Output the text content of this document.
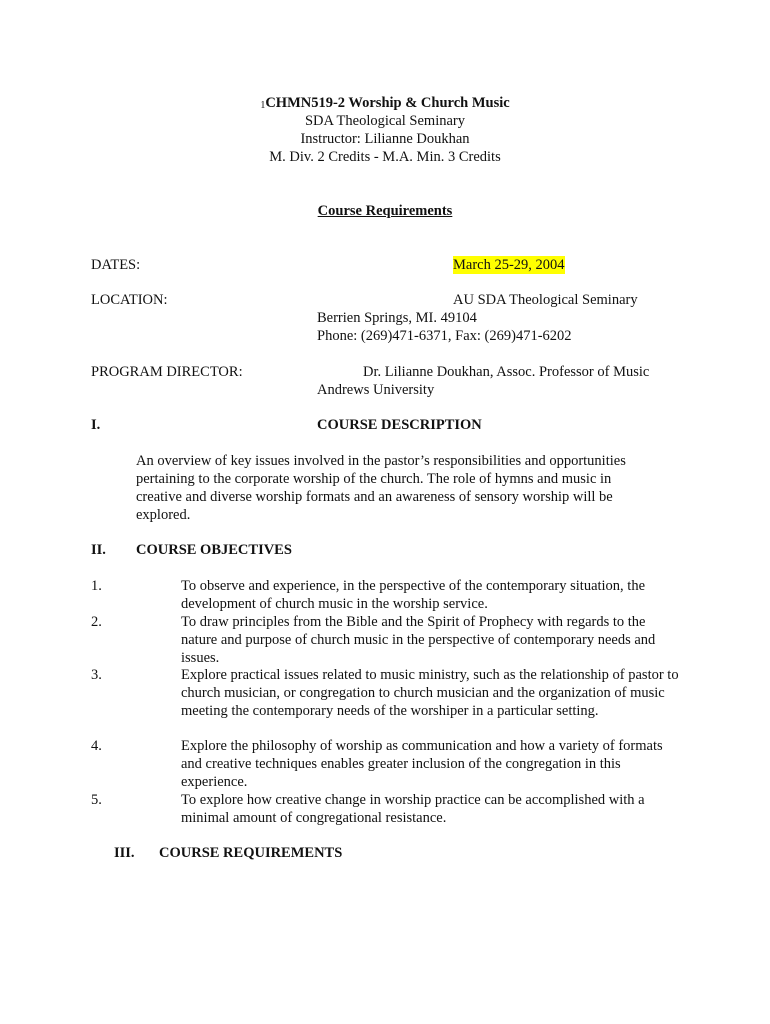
1CHMN519-2 Worship & Church Music
SDA Theological Seminary
Instructor: Lilianne Doukhan
M. Div. 2 Credits - M.A. Min. 3 Credits
Course Requirements
DATES:	March 25-29, 2004
LOCATION:	AU SDA Theological Seminary
Berrien Springs, MI. 49104
Phone: (269)471-6371, Fax: (269)471-6202
PROGRAM DIRECTOR:	Dr. Lilianne Doukhan, Assoc. Professor of Music
Andrews University
I.	COURSE DESCRIPTION
An overview of key issues involved in the pastor’s responsibilities and opportunities pertaining to the corporate worship of the church. The role of hymns and music in creative and diverse worship formats and an awareness of sensory worship will be explored.
II. COURSE OBJECTIVES
1.	To observe and experience, in the perspective of the contemporary situation, the development of church music in the worship service.
2.	To draw principles from the Bible and the Spirit of Prophecy with regards to the nature and purpose of church music in the perspective of contemporary needs and issues.
3.	Explore practical issues related to music ministry, such as the relationship of pastor to church musician, or congregation to church musician and the organization of music meeting the contemporary needs of the worshiper in a particular setting.
4.	Explore the philosophy of worship as communication and how a variety of formats and creative techniques enables greater inclusion of the congregation in this experience.
5.	To explore how creative change in worship practice can be accomplished with a minimal amount of congregational resistance.
III. COURSE REQUIREMENTS
